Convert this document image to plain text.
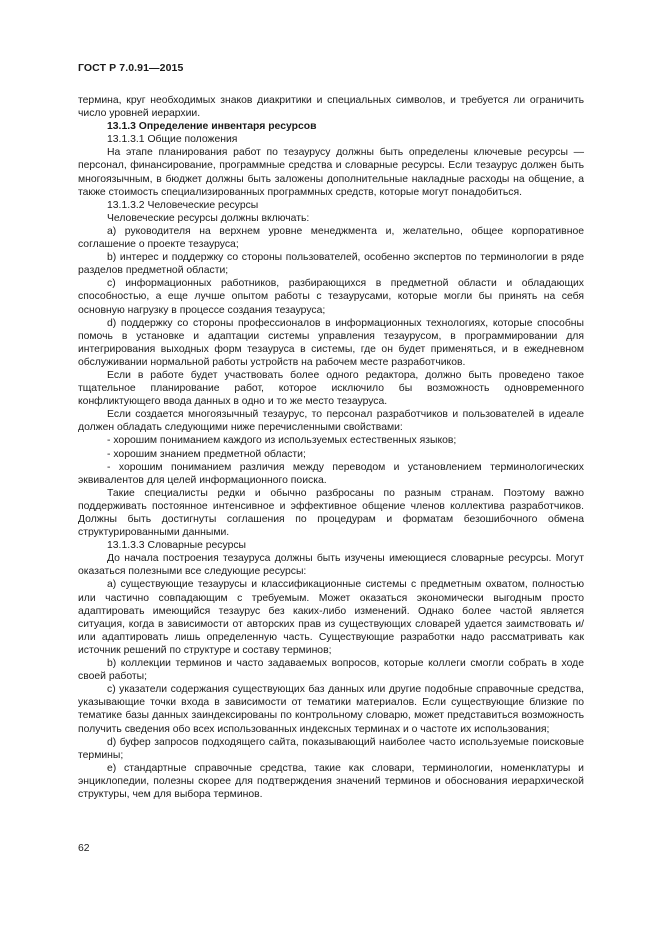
ГОСТ Р 7.0.91—2015

термина, круг необходимых знаков диакритики и специальных символов, и требуется ли ограничить число уровней иерархии.

13.1.3 Определение инвентаря ресурсов

13.1.3.1 Общие положения

На этапе планирования работ по тезаурусу должны быть определены ключевые ресурсы — персонал, финансирование, программные средства и словарные ресурсы. Если тезаурус должен быть многоязычным, в бюджет должны быть заложены дополнительные накладные расходы на общение, а также стоимость специализированных программных средств, которые могут понадобиться.

13.1.3.2 Человеческие ресурсы

Человеческие ресурсы должны включать:

a) руководителя на верхнем уровне менеджмента и, желательно, общее корпоративное соглашение о проекте тезауруса;

b) интерес и поддержку со стороны пользователей, особенно экспертов по терминологии в ряде разделов предметной области;

c) информационных работников, разбирающихся в предметной области и обладающих способностью, а еще лучше опытом работы с тезаурусами, которые могли бы принять на себя основную нагрузку в процессе создания тезауруса;

d) поддержку со стороны профессионалов в информационных технологиях, которые способны помочь в установке и адаптации системы управления тезаурусом, в программировании для интегрирования выходных форм тезауруса в системы, где он будет применяться, и в ежедневном обслуживании нормальной работы устройств на рабочем месте разработчиков.

Если в работе будет участвовать более одного редактора, должно быть проведено такое тщательное планирование работ, которое исключило бы возможность одновременного конфликтующего ввода данных в одно и то же место тезауруса.

Если создается многоязычный тезаурус, то персонал разработчиков и пользователей в идеале должен обладать следующими ниже перечисленными свойствами:

- хорошим пониманием каждого из используемых естественных языков;

- хорошим знанием предметной области;

- хорошим пониманием различия между переводом и установлением терминологических эквивалентов для целей информационного поиска.

Такие специалисты редки и обычно разбросаны по разным странам. Поэтому важно поддерживать постоянное интенсивное и эффективное общение членов коллектива разработчиков. Должны быть достигнуты соглашения по процедурам и форматам безошибочного обмена структурированными данными.

13.1.3.3 Словарные ресурсы

До начала построения тезауруса должны быть изучены имеющиеся словарные ресурсы. Могут оказаться полезными все следующие ресурсы:

a) существующие тезаурусы и классификационные системы с предметным охватом, полностью или частично совпадающим с требуемым. Может оказаться экономически выгодным просто адаптировать имеющийся тезаурус без каких-либо изменений. Однако более частой является ситуация, когда в зависимости от авторских прав из существующих словарей удается заимствовать и/или адаптировать лишь определенную часть. Существующие разработки надо рассматривать как источник решений по структуре и составу терминов;

b) коллекции терминов и часто задаваемых вопросов, которые коллеги смогли собрать в ходе своей работы;

c) указатели содержания существующих баз данных или другие подобные справочные средства, указывающие точки входа в зависимости от тематики материалов. Если существующие близкие по тематике базы данных заиндексированы по контрольному словарю, может представиться возможность получить сведения обо всех использованных индексных терминах и о частоте их использования;

d) буфер запросов подходящего сайта, показывающий наиболее часто используемые поисковые термины;

e) стандартные справочные средства, такие как словари, терминологии, номенклатуры и энциклопедии, полезны скорее для подтверждения значений терминов и обоснования иерархической структуры, чем для выбора терминов.

62
